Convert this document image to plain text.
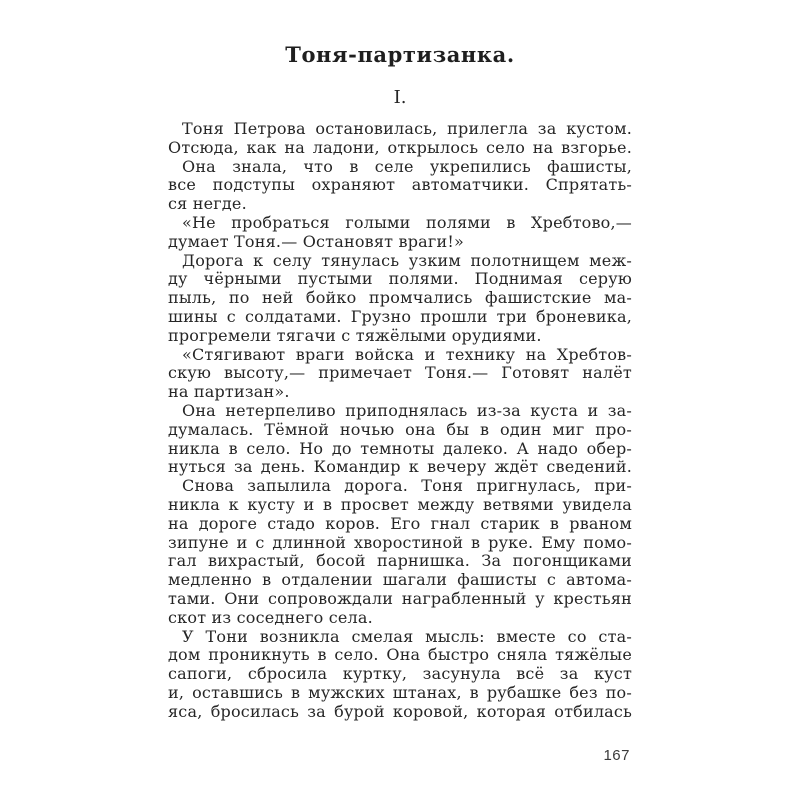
Тоня-партизанка.
I.
Тоня Петрова остановилась, прилегла за кустом.
Отсюда, как на ладони, открылось село на взгорье.
Она знала, что в селе укрепились фашисты,
все подступы охраняют автоматчики. Спрятать-
ся негде.
«Не пробраться голыми полями в Хребтово,—
думает Тоня.— Остановят враги!»
Дорога к селу тянулась узким полотнищем меж-
ду чёрными пустыми полями. Поднимая серую
пыль, по ней бойко промчались фашистские ма-
шины с солдатами. Грузно прошли три броневика,
прогремели тягачи с тяжёлыми орудиями.
«Стягивают враги войска и технику на Хребтов-
скую высоту,— примечает Тоня.— Готовят налёт
на партизан».
Она нетерпеливо приподнялась из-за куста и за-
думалась. Тёмной ночью она бы в один миг про-
никла в село. Но до темноты далеко. А надо обер-
нуться за день. Командир к вечеру ждёт сведений.
Снова запылила дорога. Тоня пригнулась, при-
никла к кусту и в просвет между ветвями увидела
на дороге стадо коров. Его гнал старик в рваном
зипуне и с длинной хворостиной в руке. Ему помо-
гал вихрастый, босой парнишка. За погонщиками
медленно в отдалении шагали фашисты с автома-
тами. Они сопровождали награбленный у крестьян
скот из соседнего села.
У Тони возникла смелая мысль: вместе со ста-
дом проникнуть в село. Она быстро сняла тяжёлые
сапоги, сбросила куртку, засунула всё за куст
и, оставшись в мужских штанах, в рубашке без по-
яса, бросилась за бурой коровой, которая отбилась
167
